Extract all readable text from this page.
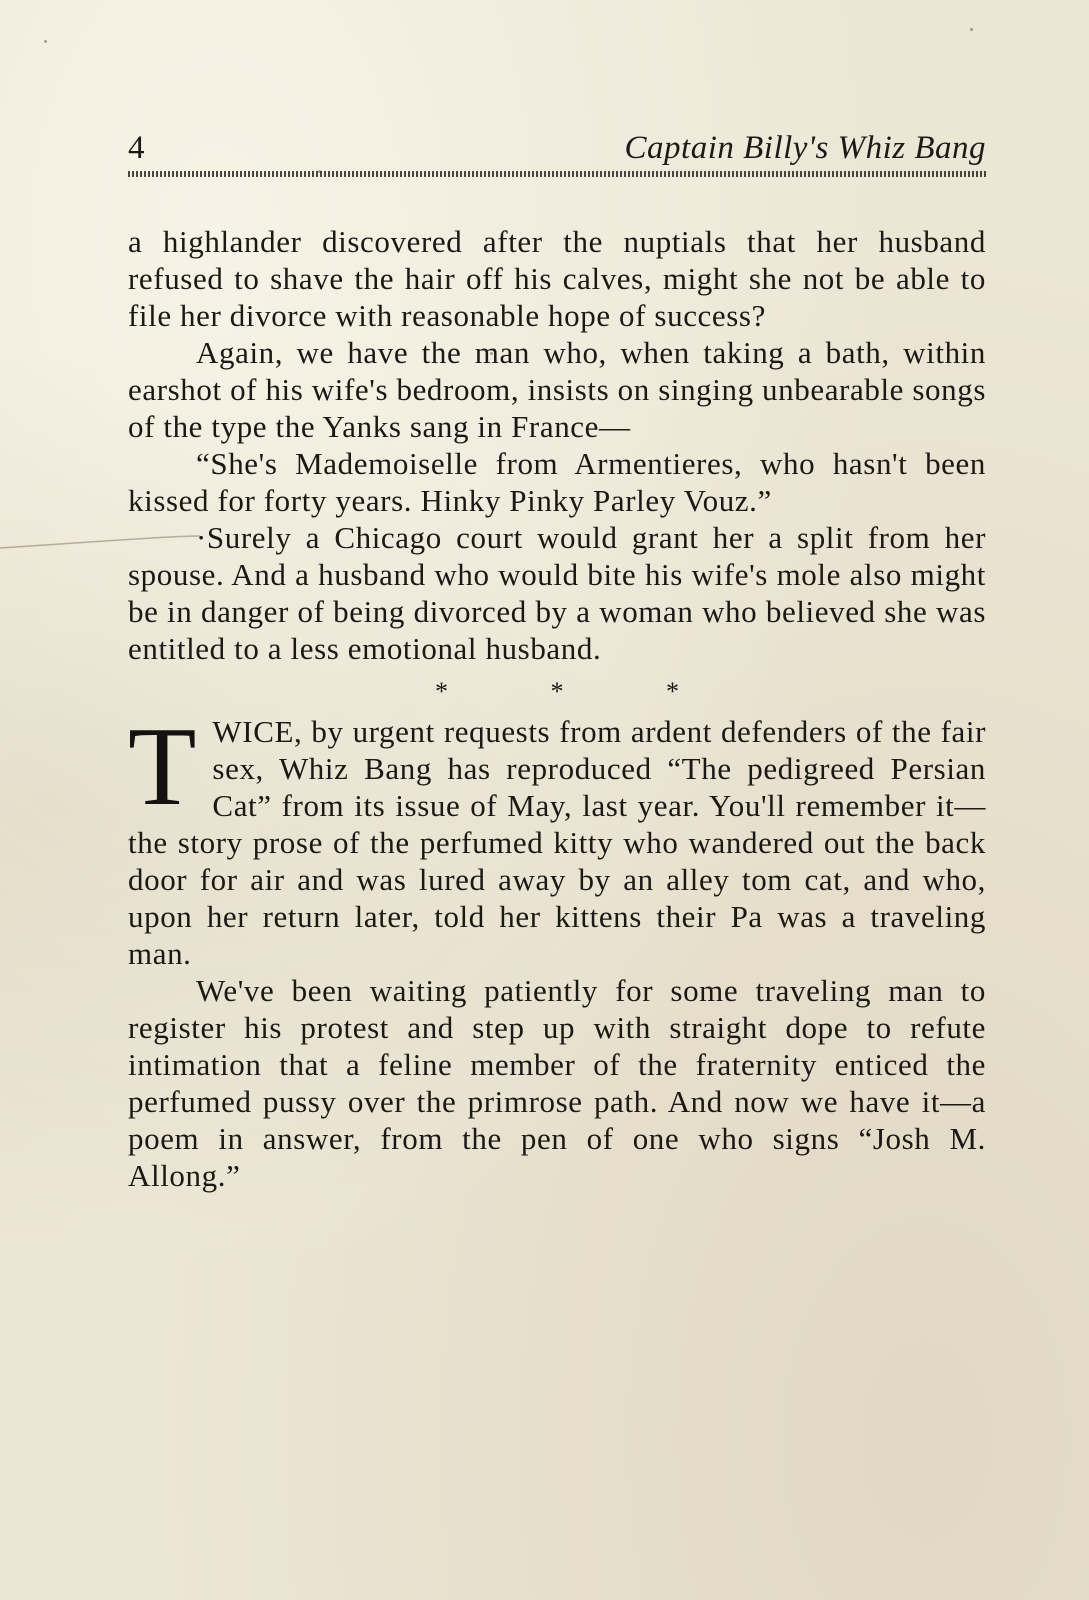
4	Captain Billy's Whiz Bang

a highlander discovered after the nuptials that her husband refused to shave the hair off his calves, might she not be able to file her divorce with reasonable hope of success?

Again, we have the man who, when taking a bath, within earshot of his wife's bedroom, insists on singing unbearable songs of the type the Yanks sang in France—

“She's Mademoiselle from Armentieres, who hasn't been kissed for forty years. Hinky Pinky Parley Vouz.”

·Surely a Chicago court would grant her a split from her spouse. And a husband who would bite his wife's mole also might be in danger of being divorced by a woman who believed she was entitled to a less emotional husband.

* * *
T WICE, by urgent requests from ardent defenders of the fair sex, Whiz Bang has reproduced “The pedigreed Persian Cat” from its issue of May, last year. You'll remember it—the story prose of the perfumed kitty who wandered out the back door for air and was lured away by an alley tom cat, and who, upon her return later, told her kittens their Pa was a traveling man.

We've been waiting patiently for some traveling man to register his protest and step up with straight dope to refute intimation that a feline member of the fraternity enticed the perfumed pussy over the primrose path. And now we have it—a poem in answer, from the pen of one who signs “Josh M. Allong.”
